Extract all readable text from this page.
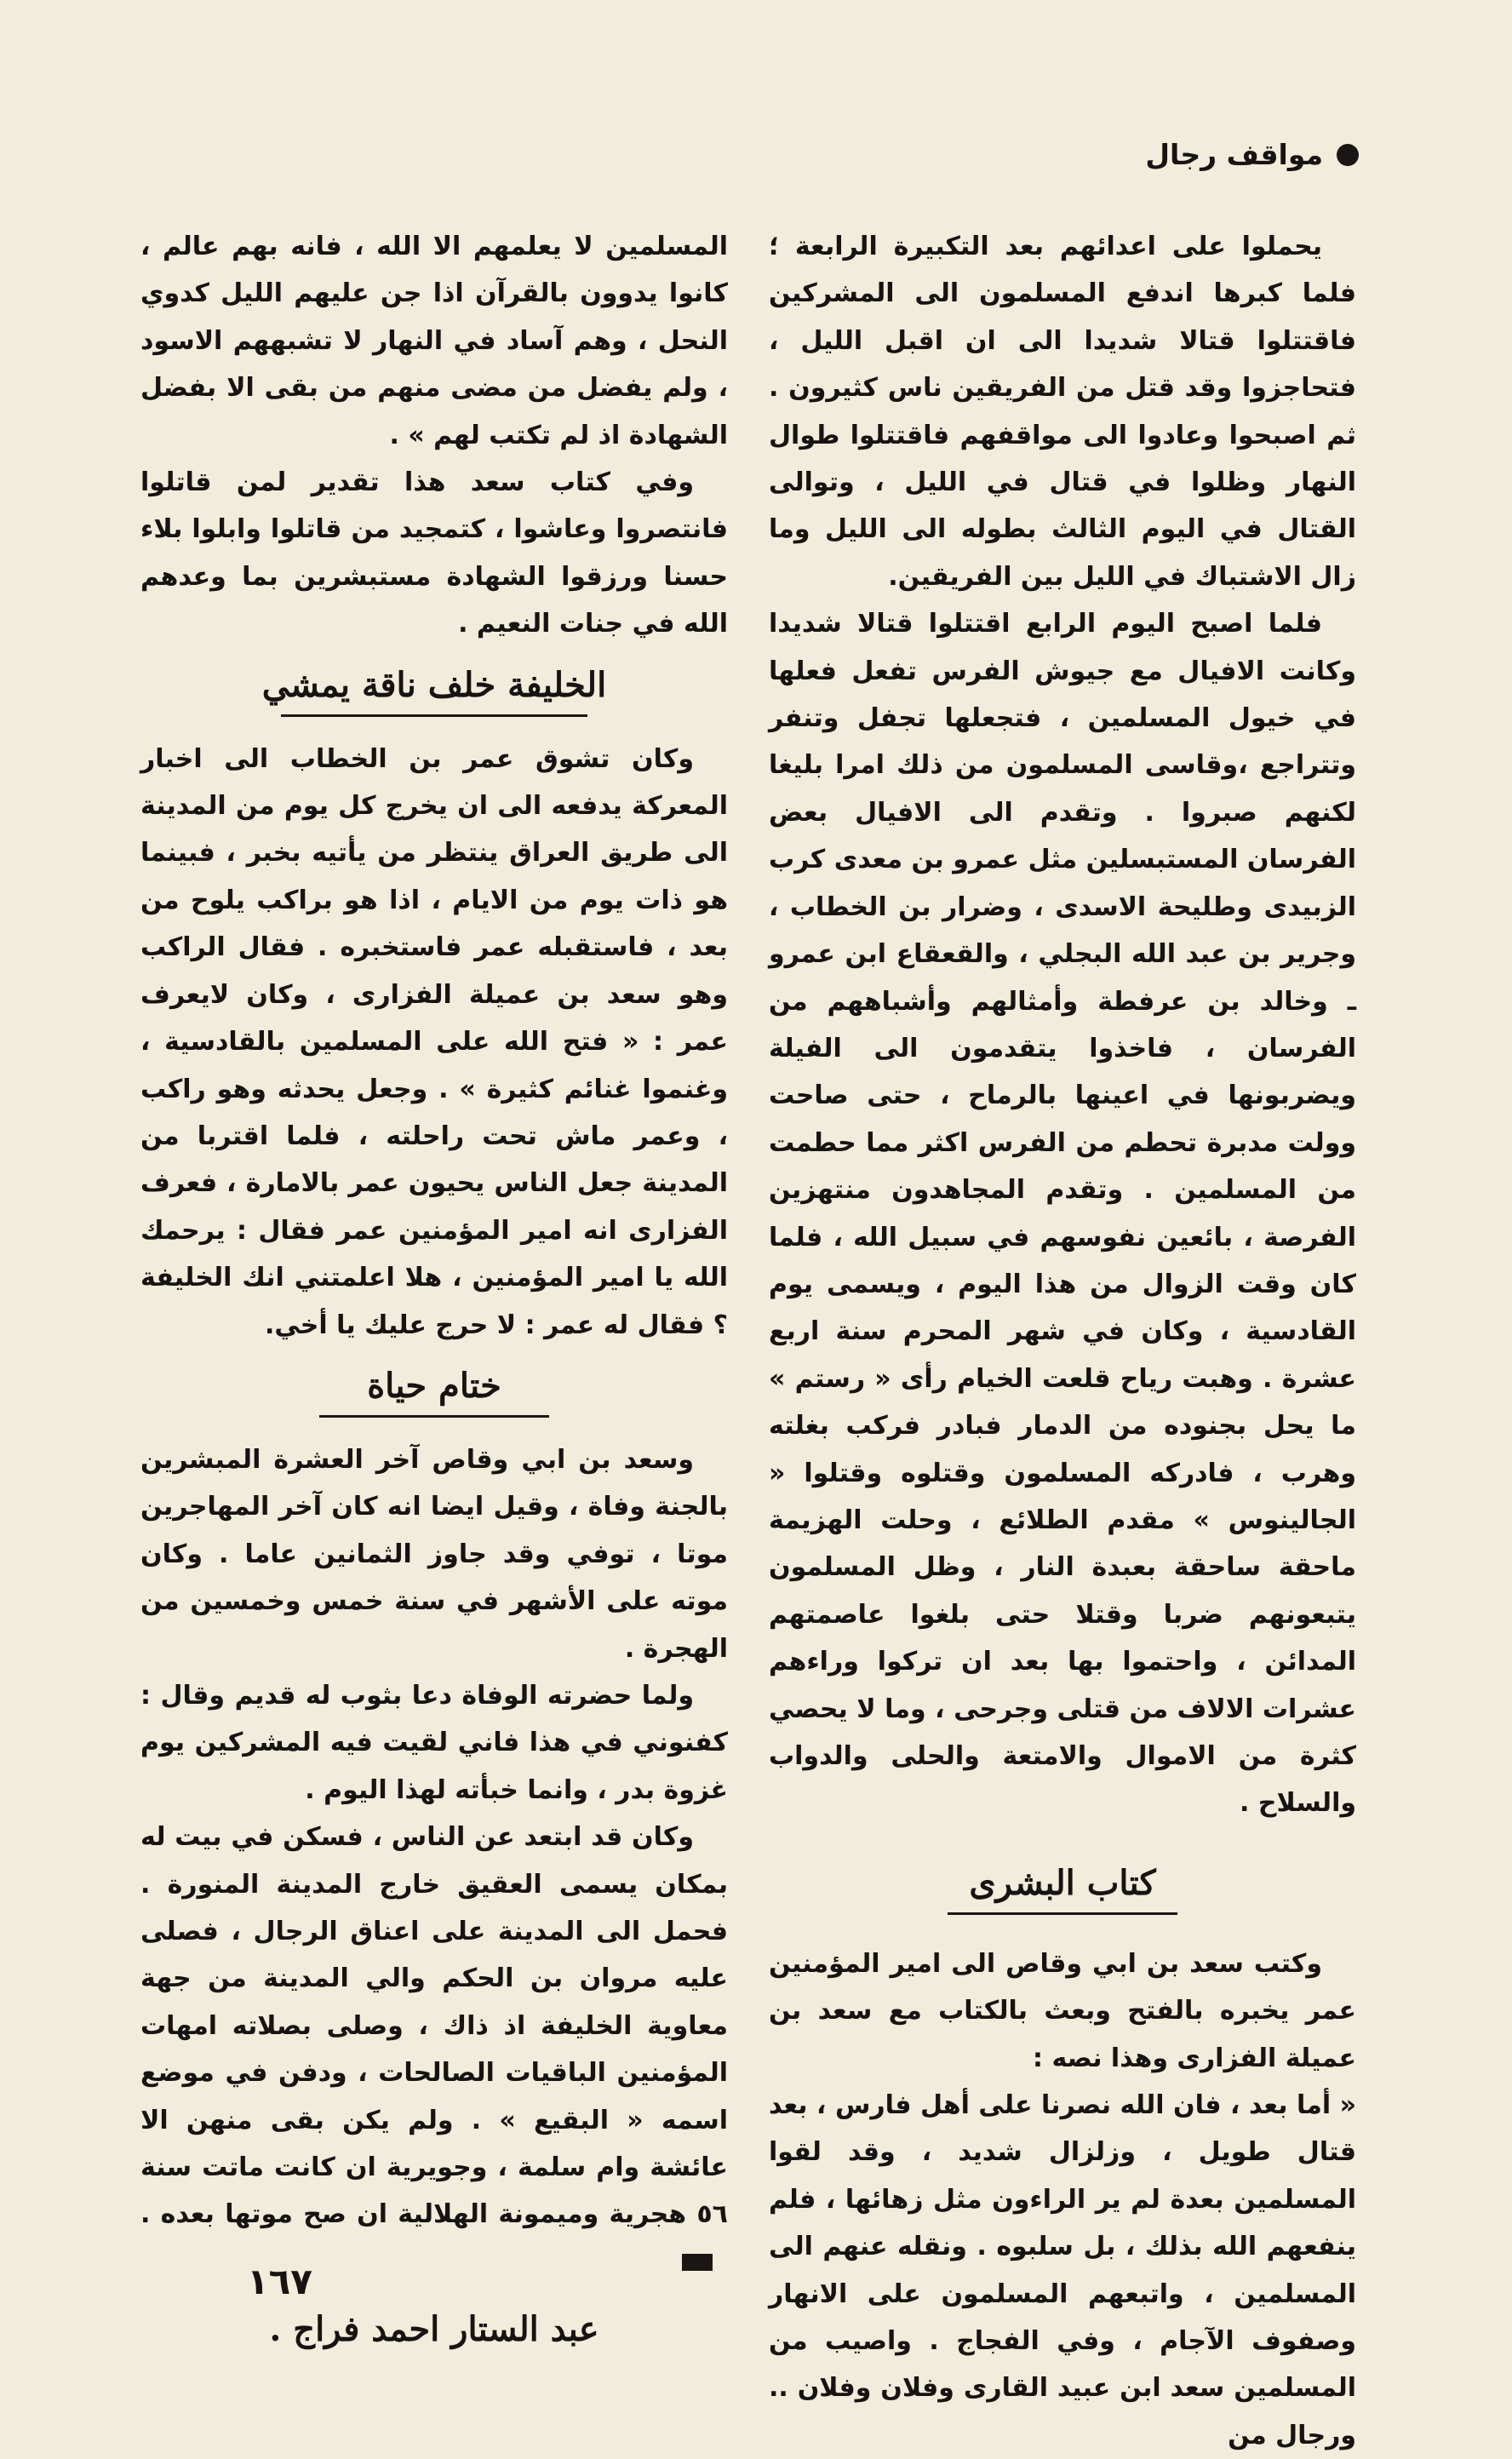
مواقف رجال

يحملوا على اعدائهم بعد التكبيرة الرابعة ؛ فلما كبرها اندفع المسلمون الى المشركين فاقتتلوا قتالا شديدا الى ان اقبل الليل ، فتحاجزوا وقد قتل من الفريقين ناس كثيرون . ثم اصبحوا وعادوا الى مواقفهم فاقتتلوا طوال النهار وظلوا في قتال في الليل ، وتوالى القتال في اليوم الثالث بطوله الى الليل وما زال الاشتباك في الليل بين الفريقين.

فلما اصبح اليوم الرابع اقتتلوا قتالا شديدا وكانت الافيال مع جيوش الفرس تفعل فعلها في خيول المسلمين ، فتجعلها تجفل وتنفر وتتراجع ،وقاسى المسلمون من ذلك امرا بليغا لكنهم صبروا . وتقدم الى الافيال بعض الفرسان المستبسلين مثل عمرو بن معدى كرب الزبيدى وطليحة الاسدى ، وضرار بن الخطاب ، وجرير بن عبد الله البجلي ، والقعقاع ابن عمرو ـ وخالد بن عرفطة وأمثالهم وأشباههم من الفرسان ، فاخذوا يتقدمون الى الفيلة ويضربونها في اعينها بالرماح ، حتى صاحت وولت مدبرة تحطم من الفرس اكثر مما حطمت من المسلمين . وتقدم المجاهدون منتهزين الفرصة ، بائعين نفوسهم في سبيل الله ، فلما كان وقت الزوال من هذا اليوم ، ويسمى يوم القادسية ، وكان في شهر المحرم سنة اربع عشرة . وهبت رياح قلعت الخيام رأى « رستم » ما يحل بجنوده من الدمار فبادر فركب بغلته وهرب ، فادركه المسلمون وقتلوه وقتلوا « الجالينوس » مقدم الطلائع ، وحلت الهزيمة ماحقة ساحقة بعبدة النار ، وظل المسلمون يتبعونهم ضربا وقتلا حتى بلغوا عاصمتهم المدائن ، واحتموا بها بعد ان تركوا وراءهم عشرات الالاف من قتلى وجرحى ، وما لا يحصي كثرة من الاموال والامتعة والحلى والدواب والسلاح .

كتاب البشرى

وكتب سعد بن ابي وقاص الى امير المؤمنين عمر يخبره بالفتح وبعث بالكتاب مع سعد بن عميلة الفزارى وهذا نصه :

« أما بعد ، فان الله نصرنا على أهل فارس ، بعد قتال طويل ، وزلزال شديد ، وقد لقوا المسلمين بعدة لم ير الراءون مثل زهائها ، فلم ينفعهم الله بذلك ، بل سلبوه . ونقله عنهم الى المسلمين ، واتبعهم المسلمون على الانهار وصفوف الآجام ، وفي الفجاج . واصيب من المسلمين سعد ابن عبيد القارى وفلان وفلان .. ورجال من

المسلمين لا يعلمهم الا الله ، فانه بهم عالم ، كانوا يدوون بالقرآن اذا جن عليهم الليل كدوي النحل ، وهم آساد في النهار لا تشبههم الاسود ، ولم يفضل من مضى منهم من بقى الا بفضل الشهادة اذ لم تكتب لهم » .

وفي كتاب سعد هذا تقدير لمن قاتلوا فانتصروا وعاشوا ، كتمجيد من قاتلوا وابلوا بلاء حسنا ورزقوا الشهادة مستبشرين بما وعدهم الله في جنات النعيم .

الخليفة خلف ناقة يمشي

وكان تشوق عمر بن الخطاب الى اخبار المعركة يدفعه الى ان يخرج كل يوم من المدينة الى طريق العراق ينتظر من يأتيه بخبر ، فبينما هو ذات يوم من الايام ، اذا هو براكب يلوح من بعد ، فاستقبله عمر فاستخبره . فقال الراكب وهو سعد بن عميلة الفزارى ، وكان لايعرف عمر : « فتح الله على المسلمين بالقادسية ، وغنموا غنائم كثيرة » . وجعل يحدثه وهو راكب ، وعمر ماش تحت راحلته ، فلما اقتربا من المدينة جعل الناس يحيون عمر بالامارة ، فعرف الفزارى انه امير المؤمنين عمر فقال : يرحمك الله يا امير المؤمنين ، هلا اعلمتني انك الخليفة ؟ فقال له عمر : لا حرج عليك يا أخي.

ختام حياة

وسعد بن ابي وقاص آخر العشرة المبشرين بالجنة وفاة ، وقيل ايضا انه كان آخر المهاجرين موتا ، توفي وقد جاوز الثمانين عاما . وكان موته على الأشهر في سنة خمس وخمسين من الهجرة .

ولما حضرته الوفاة دعا بثوب له قديم وقال : كفنوني في هذا فاني لقيت فيه المشركين يوم غزوة بدر ، وانما خبأته لهذا اليوم .

وكان قد ابتعد عن الناس ، فسكن في بيت له بمكان يسمى العقيق خارج المدينة المنورة . فحمل الى المدينة على اعناق الرجال ، فصلى عليه مروان بن الحكم والي المدينة من جهة معاوية الخليفة اذ ذاك ، وصلى بصلاته امهات المؤمنين الباقيات الصالحات ، ودفن في موضع اسمه « البقيع » . ولم يكن بقى منهن الا عائشة وام سلمة ، وجويرية ان كانت ماتت سنة ٥٦ هجرية وميمونة الهلالية ان صح موتها بعده .

عبد الستار احمد فراج .
١٦٧
